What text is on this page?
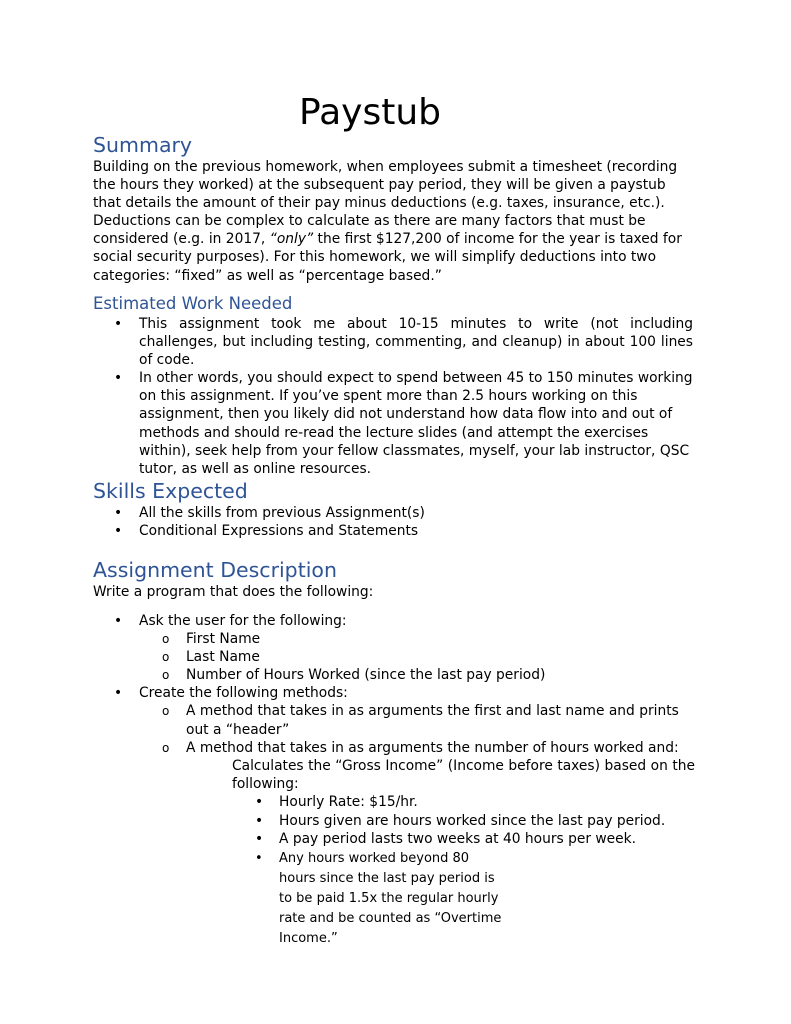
Paystub
Summary

Building on the previous homework, when employees submit a timesheet (recording the hours they worked) at the subsequent pay period, they will be given a paystub that details the amount of their pay minus deductions (e.g. taxes, insurance, etc.). Deductions can be complex to calculate as there are many factors that must be considered (e.g. in 2017, “only” the first $127,200 of income for the year is taxed for social security purposes). For this homework, we will simplify deductions into two categories: “fixed” as well as “percentage based.”

Estimated Work Needed
• This assignment took me about 10-15 minutes to write (not including challenges, but including testing, commenting, and cleanup) in about 100 lines of code.
• In other words, you should expect to spend between 45 to 150 minutes working on this assignment. If you’ve spent more than 2.5 hours working on this assignment, then you likely did not understand how data flow into and out of methods and should re-read the lecture slides (and attempt the exercises within), seek help from your fellow classmates, myself, your lab instructor, QSC tutor, as well as online resources.
Skills Expected
• All the skills from previous Assignment(s)
• Conditional Expressions and Statements
Assignment Description

Write a program that does the following:

• Ask the user for the following:
o First Name
o Last Name
o Number of Hours Worked (since the last pay period)
• Create the following methods:
o A method that takes in as arguments the first and last name and prints out a “header”
o A method that takes in as arguments the number of hours worked and:
Calculates the “Gross Income” (Income before taxes) based on the following:
• Hourly Rate: $15/hr.
• Hours given are hours worked since the last pay period.
• A pay period lasts two weeks at 40 hours per week.
• Any hours worked beyond 80 hours since the last pay period is to be paid 1.5x the regular hourly rate and be counted as “Overtime Income.”
